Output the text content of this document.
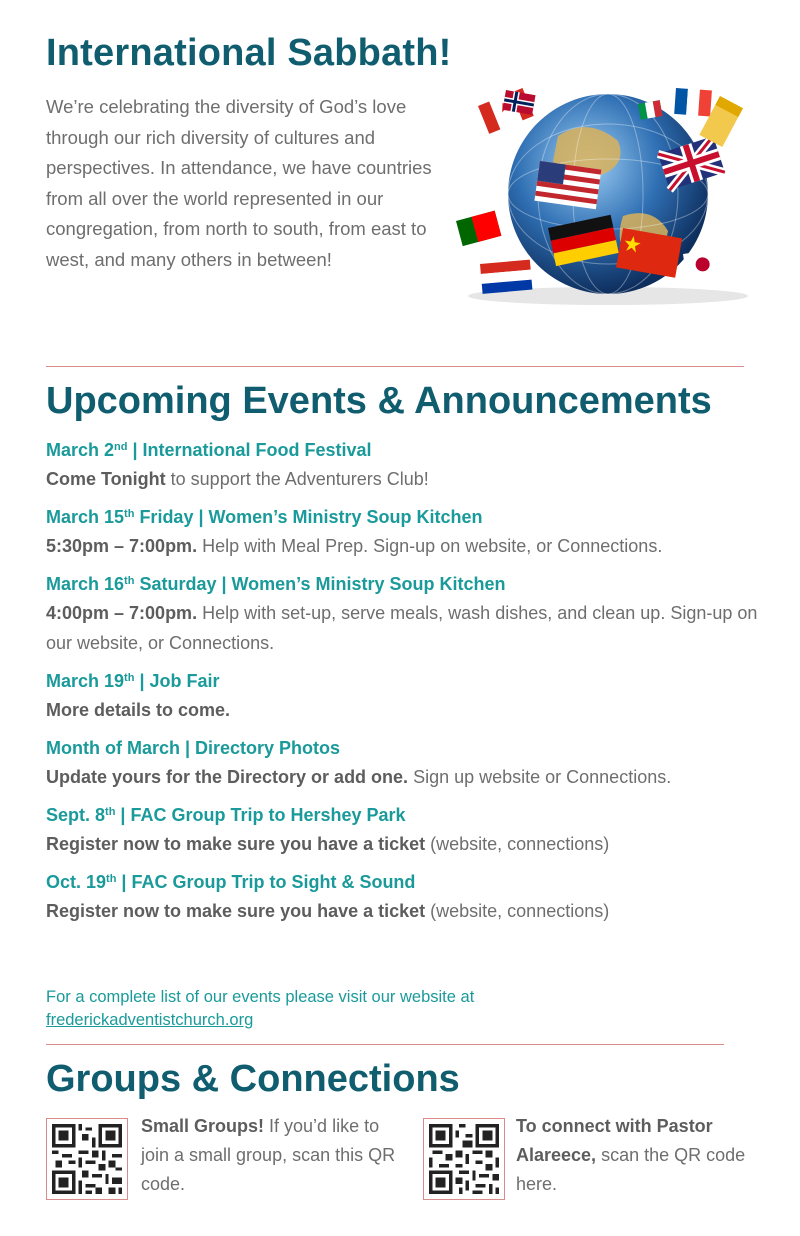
International Sabbath!

We’re celebrating the diversity of God’s love through our rich diversity of cultures and perspectives. In attendance, we have countries from all over the world represented in our congregation, from north to south, from east to west, and many others in between!

Upcoming Events & Announcements
March 2nd | International Food Festival
Come Tonight to support the Adventurers Club!
March 15th Friday | Women’s Ministry Soup Kitchen
5:30pm – 7:00pm. Help with Meal Prep. Sign-up on website, or Connections.
March 16th Saturday | Women’s Ministry Soup Kitchen
4:00pm – 7:00pm. Help with set-up, serve meals, wash dishes, and clean up. Sign-up on our website, or Connections.
March 19th | Job Fair
More details to come.
Month of March | Directory Photos
Update yours for the Directory or add one. Sign up website or Connections.
Sept. 8th | FAC Group Trip to Hershey Park
Register now to make sure you have a ticket (website, connections)
Oct. 19th | FAC Group Trip to Sight & Sound
Register now to make sure you have a ticket (website, connections)
For a complete list of our events please visit our website at
frederickadventistchurch.org
Groups & Connections
Small Groups! If you’d like to join a small group, scan this QR code.
To connect with Pastor Alareece, scan the QR code here.
